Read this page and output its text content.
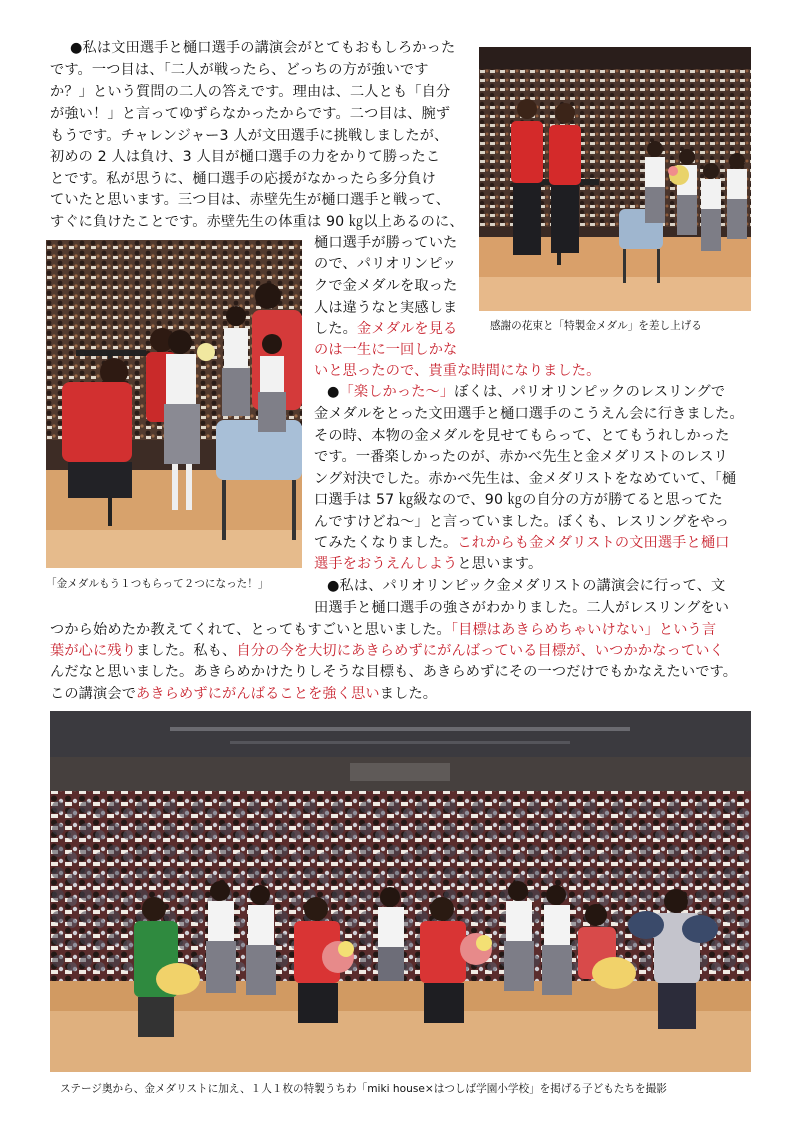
●私は文田選手と樋口選手の講演会がとてもおもしろかった
です。一つ目は、「二人が戦ったら、どっちの方が強いです
か？」という質問の二人の答えです。理由は、二人とも「自分
が強い！」と言ってゆずらなかったからです。二つ目は、腕ず
もうです。チャレンジャー3 人が文田選手に挑戦しましたが、
初めの 2 人は負け、3 人目が樋口選手の力をかりて勝ったこ
とです。私が思うに、樋口選手の応援がなかったら多分負け
ていたと思います。三つ目は、赤壁先生が樋口選手と戦って、
すぐに負けたことです。赤壁先生の体重は 90 ㎏以上あるのに、
樋口選手が勝っていた
ので、パリオリンピッ
クで金メダルを取った
人は違うなと実感しま
した。金メダルを見る
のは一生に一回しかな
いと思ったので、貴重な時間になりました。
●「楽しかった～」ぼくは、パリオリンピックのレスリングで
金メダルをとった文田選手と樋口選手のこうえん会に行きました。
その時、本物の金メダルを見せてもらって、とてもうれしかった
です。一番楽しかったのが、赤かべ先生と金メダリストのレスリ
ング対決でした。赤かべ先生は、金メダリストをなめていて、「樋
口選手は 57 ㎏級なので、90 ㎏の自分の方が勝てると思ってた
んですけどね～」と言っていました。ぼくも、レスリングをやっ
てみたくなりました。これからも金メダリストの文田選手と樋口
選手をおうえんしようと思います。
●私は、パリオリンピック金メダリストの講演会に行って、文
田選手と樋口選手の強さがわかりました。二人がレスリングをい
つから始めたか教えてくれて、とってもすごいと思いました。「目標はあきらめちゃいけない」という言
葉が心に残りました。私も、自分の今を大切にあきらめずにがんばっている目標が、いつかかなっていく
んだなと思いました。あきらめかけたりしそうな目標も、あきらめずにその一つだけでもかなえたいです。
この講演会であきらめずにがんばることを強く思いました。
感謝の花束と「特製金メダル」を差し上げる
「金メダルもう１つもらって２つになった！」
ステージ奥から、金メダリストに加え、１人１枚の特製うちわ「miki house×はつしば学園小学校」を掲げる子どもたちを撮影
